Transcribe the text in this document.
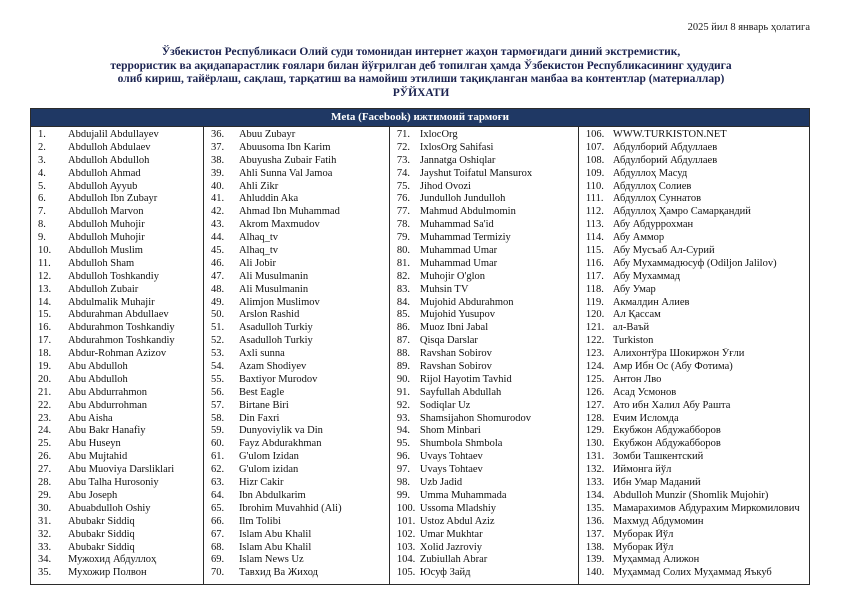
2025 йил 8 январь ҳолатига
Ўзбекистон Республикаси Олий суди томонидан интернет жаҳон тармоғидаги диний экстремистик,
террористик ва ақидапарастлик ғоялари билан йўғрилган деб топилган ҳамда Ўзбекистон Республикасининг ҳудудига
олиб кириш, тайёрлаш, сақлаш, тарқатиш ва намойиш этилиши тақиқланган манбаа ва контентлар (материаллар)
РЎЙХАТИ
Meta (Facebook) ижтимоий тармоғи
1.	Abdujalil Abdullayev
2.	Abdulloh Abdulaev
3.	Abdulloh Abdulloh
4.	Abdulloh Ahmad
5.	Abdulloh Ayyub
6.	Abdulloh Ibn Zubayr
7.	Abdulloh Marvon
8.	Abdulloh Muhojir
9.	Abdulloh Muhojir
10.	Abdulloh Muslim
11.	Abdulloh Sham
12.	Abdulloh Toshkandiy
13.	Abdulloh Zubair
14.	Abdulmalik Muhajir
15.	Abdurahman Abdullaev
16.	Abdurahmon Toshkandiy
17.	Abdurahmon Toshkandiy
18.	Abdur-Rohman Azizov
19.	Abu Abdulloh
20.	Abu Abdulloh
21.	Abu Abdurrahmon
22.	Abu Abdurrohman
23.	Abu Aisha
24.	Abu Bakr Hanafiy
25.	Abu Huseyn
26.	Abu Mujtahid
27.	Abu Muoviya Darsliklari
28.	Abu Talha Hurosoniy
29.	Abu Joseph
30.	Abuabdulloh Oshiy
31.	Abubakr Siddiq
32.	Abubakr Siddiq
33.	Abubakr Siddiq
34.	Мужохид Абдуллоҳ
35.	Мухожир Полвон
36.	Abuu Zubayr
37.	Abuusoma Ibn Karim
38.	Abuyusha Zubair Fatih
39.	Ahli Sunna Val Jamoa
40.	Ahli Zikr
41.	Ahluddin Aka
42.	Ahmad Ibn Muhammad
43.	Akrom Maxmudov
44.	Alhaq_tv
45.	Alhaq_tv
46.	Ali Jobir
47.	Ali Musulmanin
48.	Ali Musulmanin
49.	Alimjon Muslimov
50.	Arslon Rashid
51.	Asadulloh Turkiy
52.	Asadulloh Turkiy
53.	Axli sunna
54.	Azam Shodiyev
55.	Baxtiyor Murodov
56.	Best Eagle
57.	Birtane Biri
58.	Din Faxri
59.	Dunyoviylik va Din
60.	Fayz Abdurakhman
61.	G'ulom Izidan
62.	G'ulom izidan
63.	Hizr Cakir
64.	Ibn Abdulkarim
65.	Ibrohim Muvahhid (Ali)
66.	Ilm Tolibi
67.	Islam Abu Khalil
68.	Islam Abu Khalil
69.	Islam News Uz
70.	Тавхид Ва Жиход
71. IxlocOrg
72. IxlosOrg Sahifasi
73. Jannatga Oshiqlar
74. Jayshut Toifatul Mansurox
75. Jihod Ovozi
76. Jundulloh Jundulloh
77. Mahmud Abdulmomin
78. Muhammad Sa'id
79. Muhammad Termiziy
80. Muhammad Umar
81. Muhammad Umar
82. Muhojir O'glon
83. Muhsin TV
84. Mujohid Abdurahmon
85. Mujohid Yusupov
86. Muoz Ibni Jabal
87. Qisqa Darslar
88. Ravshan Sobirov
89. Ravshan Sobirov
90. Rijol Hayotim Tavhid
91. Sayfullah Abdullah
92. Sodiqlar Uz
93. Shamsijahon Shomurodov
94. Shom Minbari
95. Shumbola Shmbola
96. Uvays Tohtaev
97. Uvays Tohtaev
98. Uzb Jadid
99. Umma Muhammada
100. Ussoma Mladshiy
101. Ustoz Abdul Aziz
102. Umar Mukhtar
103. Xolid Jazroviy
104. Zubiullah Abrar
105. Юсуф Зайд
106. WWW.TURKISTON.NET
107. Абдулборий Абдуллаев
108. Абдулборий Абдуллаев
109. Абдуллоҳ Масуд
110. Абдуллоҳ Солиев
111. Абдуллоҳ Суннатов
112. Абдуллоҳ Ҳамро Самарқандий
113. Абу Абдуррохман
114. Абу Аммор
115. Абу Мусъаб Ал-Сурий
116. Абу Мухаммадюсуф (Odiljon Jalilov)
117. Абу Мухаммад
118. Абу Умар
119. Акмалдин Алиев
120. Ал Қассам
121. ал-Ваъй
122. Turkiston
123. Алихонтўра Шокиржон Ўғли
124. Амр Ибн Ос (Абу Фотима)
125. Антон Лво
126. Асад Усмонов
127. Ато ибн Халил Абу Рашта
128. Ечим Исломда
129. Ёкубжон Абдужабборов
130. Ёкубжон Абдужабборов
131. Зомби Ташкентский
132. Иймонга йўл
133. Ибн Умар Маданий
134. Abdulloh Munzir (Shomlik Mujohir)
135. Мамарахимов Абдурахим Миркомилович
136. Махмуд Абдумомин
137. Муборак Йўл
138. Муборак Йўл
139. Муҳаммад Алижон
140. Муҳаммад Солих Муҳаммад Яъкуб
